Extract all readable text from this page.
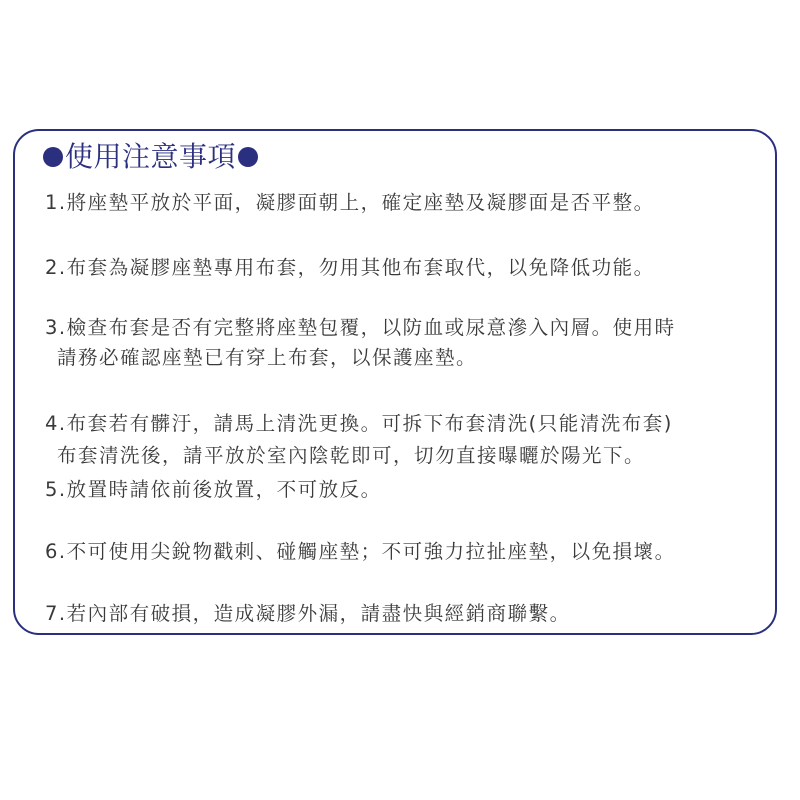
使用注意事項
1.將座墊平放於平面，凝膠面朝上，確定座墊及凝膠面是否平整。
2.布套為凝膠座墊專用布套，勿用其他布套取代，以免降低功能。
3.檢查布套是否有完整將座墊包覆，以防血或尿意滲入內層。使用時
請務必確認座墊已有穿上布套，以保護座墊。
4.布套若有髒汙，請馬上清洗更換。可拆下布套清洗(只能清洗布套)
布套清洗後，請平放於室內陰乾即可，切勿直接曝曬於陽光下。
5.放置時請依前後放置，不可放反。
6.不可使用尖銳物戳刺、碰觸座墊；不可強力拉扯座墊，以免損壞。
7.若內部有破損，造成凝膠外漏，請盡快與經銷商聯繫。
